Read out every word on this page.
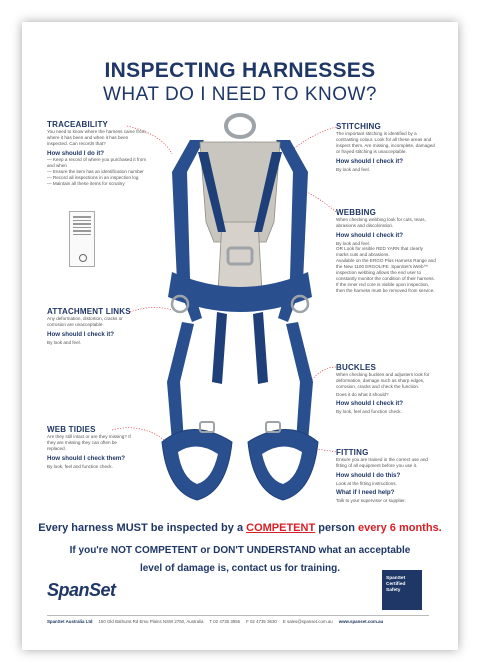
INSPECTING HARNESSES
WHAT DO I NEED TO KNOW?
TRACEABILITY
You need to know where the harness came from, where it has been and when it has been inspected. Can records that?
How should I do it?
— Keep a record of where you purchased it from and when
— Ensure the item has an identification number
— Record all inspections in an inspection log
— Maintain all these items for scrutiny
STITCHING
The important stitching is identified by a contrasting colour. Look for all these areas and inspect them. Are missing, incomplete, damaged or frayed stitching is unacceptable.
How should I check it?
By look and feel.
WEBBING
When checking webbing look for cuts, tears, abrasions and discoloration.
How should I check it?
By look and feel.
OR Look for visible RED YARN that clearly marks cuts and abrasions.
Available on the ERGO Plus Harness Range and the New 1100 ERGOLIFE. SpanSet's iWeb™ inspection webbing allows the end user to constantly monitor the condition of their harness. If the inner red core is visible upon inspection, then the harness must be removed from service.
ATTACHMENT LINKS
Any deformation, distortion, cracks or corrosion are unacceptable.
How should I check it?
By look and feel.
BUCKLES
When checking buckles and adjusters look for deformation, damage such as sharp edges, corrosion, cracks and check the function.
Does it do what it should?
How should I check it?
By look, feel and function check.
WEB TIDIES
Are they still intact or are they missing? If they are missing they can often be replaced.
How should I check them?
By look, feel and function check.
FITTING
Ensure you are trained in the correct use and fitting of all equipment before you use it.
How should I do this?
Look at the fitting instructions.
What if I need help?
Talk to your supervisor or supplier.
Every harness MUST be inspected by a COMPETENT person every 6 months.
If you're NOT COMPETENT or DON'T UNDERSTAND what an acceptable
level of damage is, contact us for training.
SpanSet
SpanSet
Certified
Safety
SpanSet Australia Ltd 150 Old Bathurst Rd Emu Plains NSW 2750, Australia T 02 4735 3955 F 02 4735 3630 E sales@spanset.com.au www.spanset.com.au
